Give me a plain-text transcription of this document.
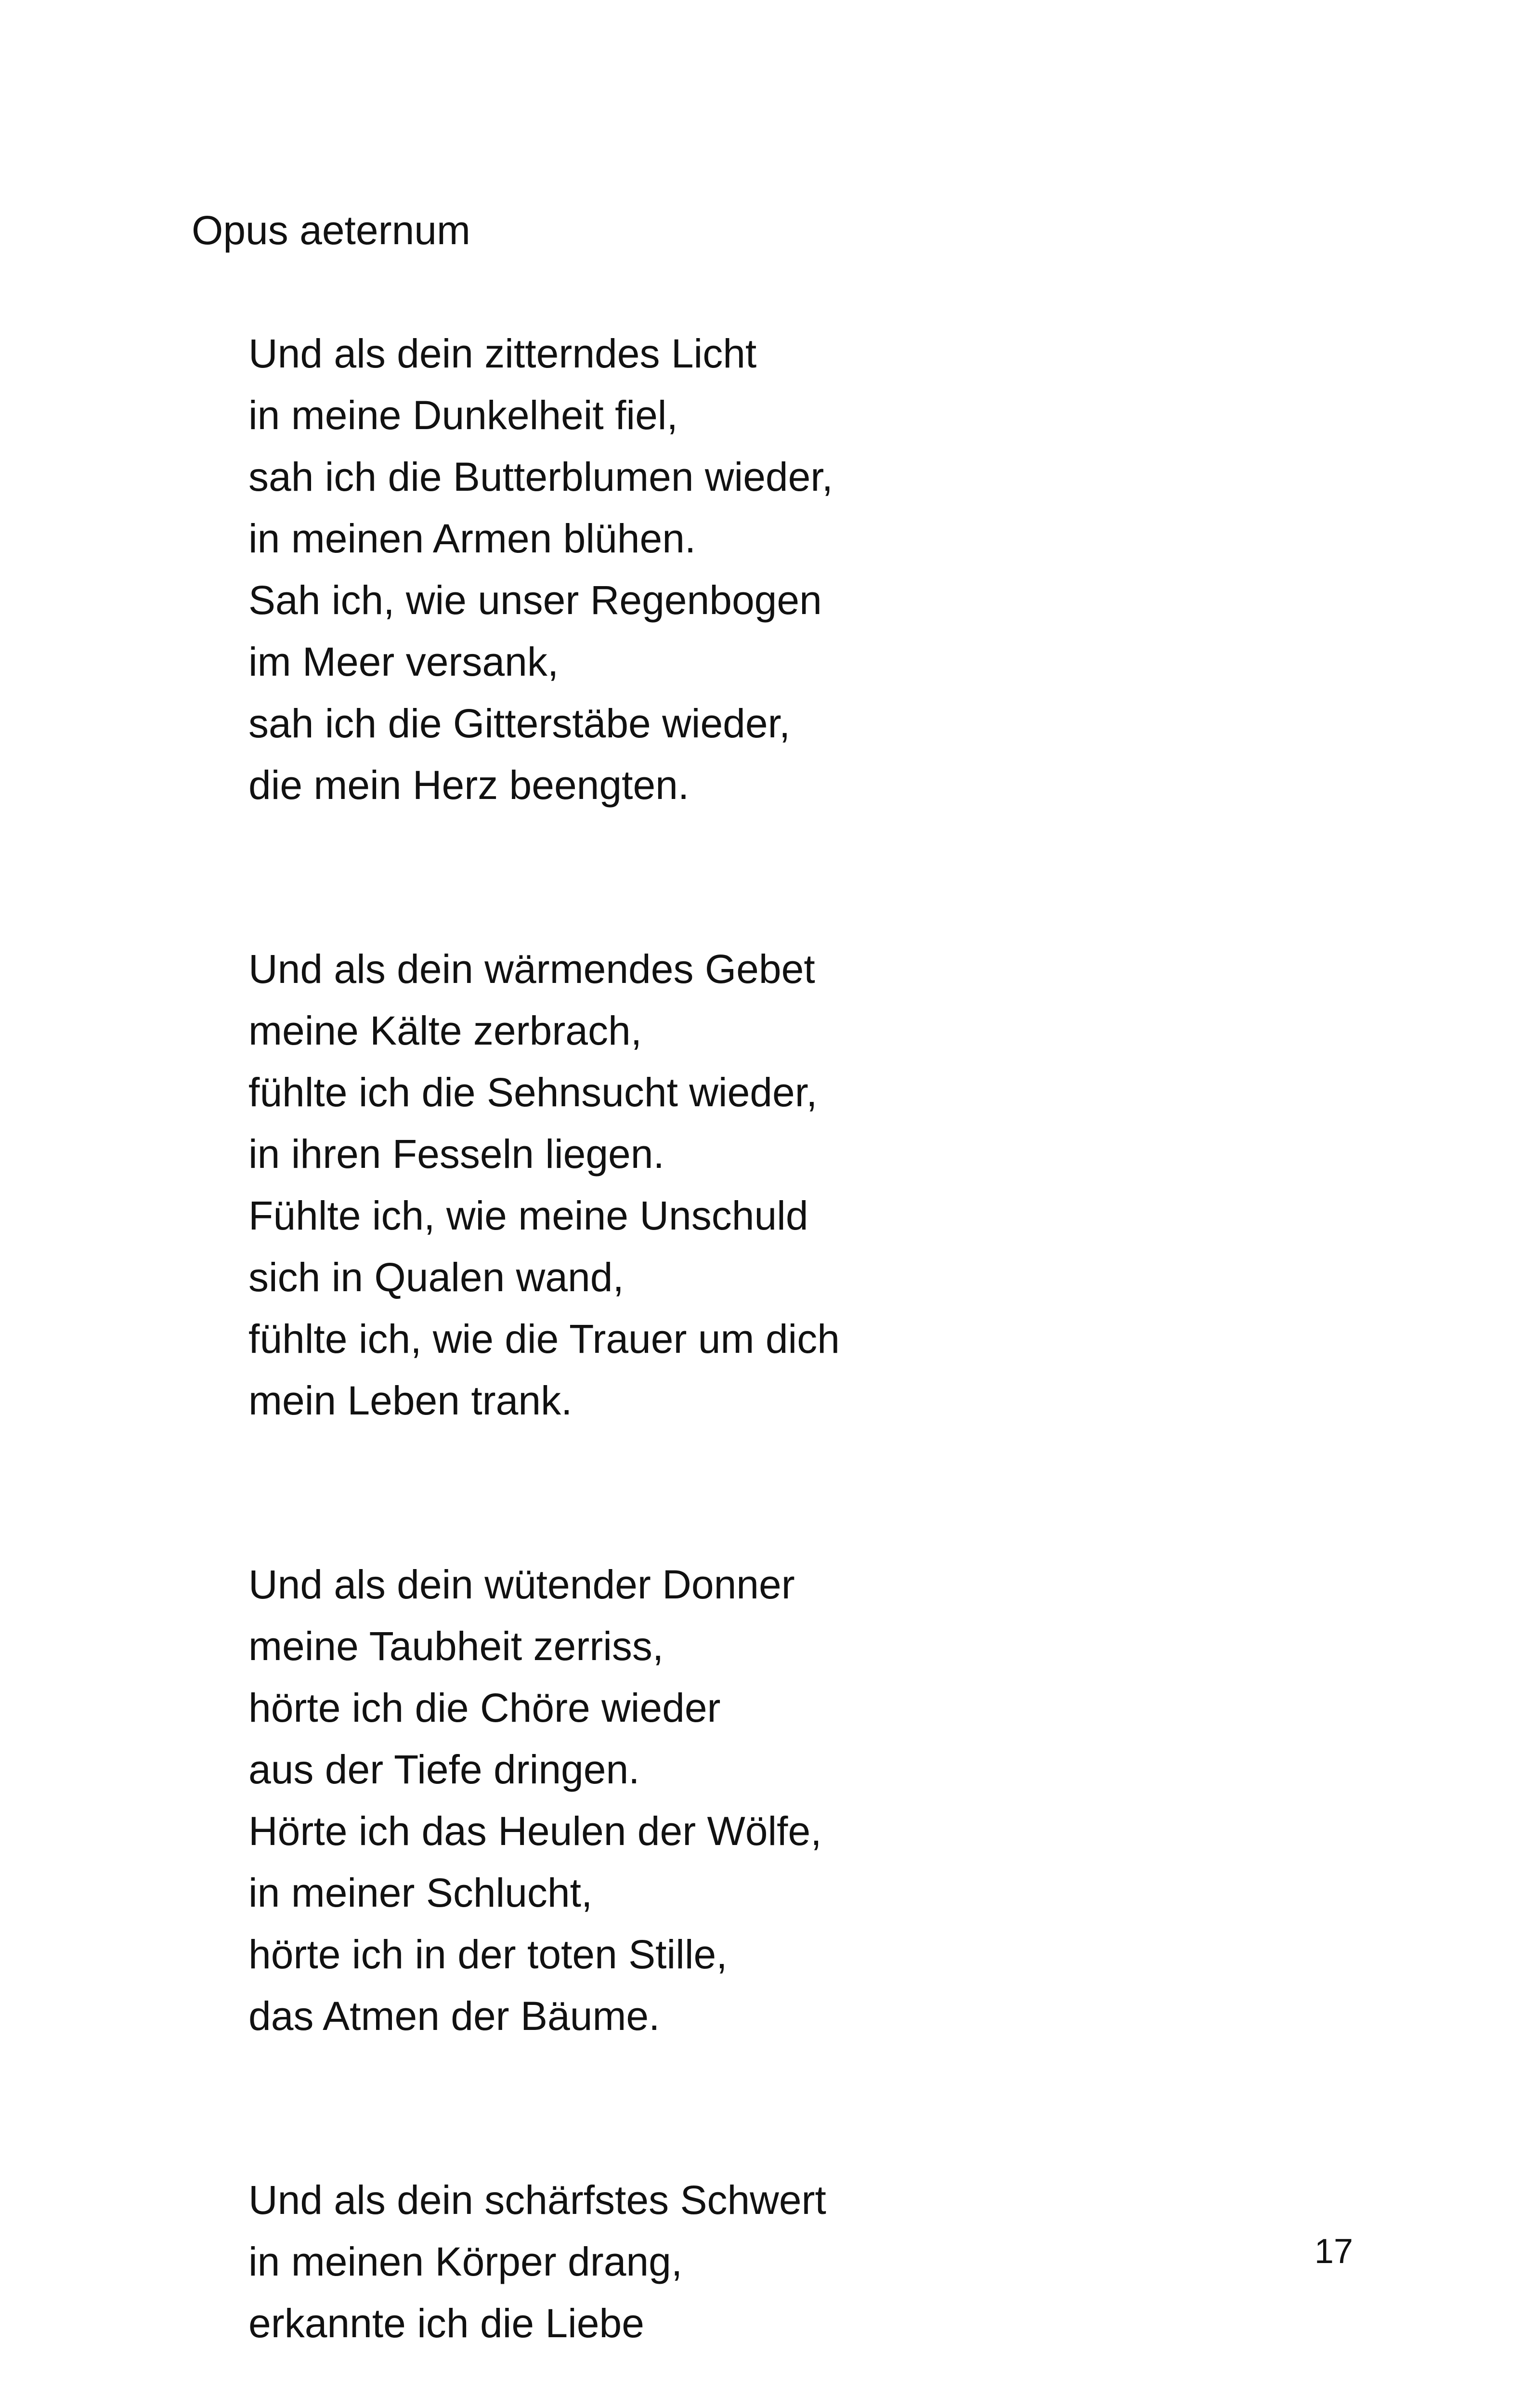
Opus aeternum
Und als dein zitterndes Licht
in meine Dunkelheit fiel,
sah ich die Butterblumen wieder,
in meinen Armen blühen.
Sah ich, wie unser Regenbogen
im Meer versank,
sah ich die Gitterstäbe wieder,
die mein Herz beengten.
Und als dein wärmendes Gebet
meine Kälte zerbrach,
fühlte ich die Sehnsucht wieder,
in ihren Fesseln liegen.
Fühlte ich, wie meine Unschuld
sich in Qualen wand,
fühlte ich, wie die Trauer um dich
mein Leben trank.
Und als dein wütender Donner
meine Taubheit zerriss,
hörte ich die Chöre wieder
aus der Tiefe dringen.
Hörte ich das Heulen der Wölfe,
in meiner Schlucht,
hörte ich in der toten Stille,
das Atmen der Bäume.
Und als dein schärfstes Schwert
in meinen Körper drang,
erkannte ich die Liebe
17
